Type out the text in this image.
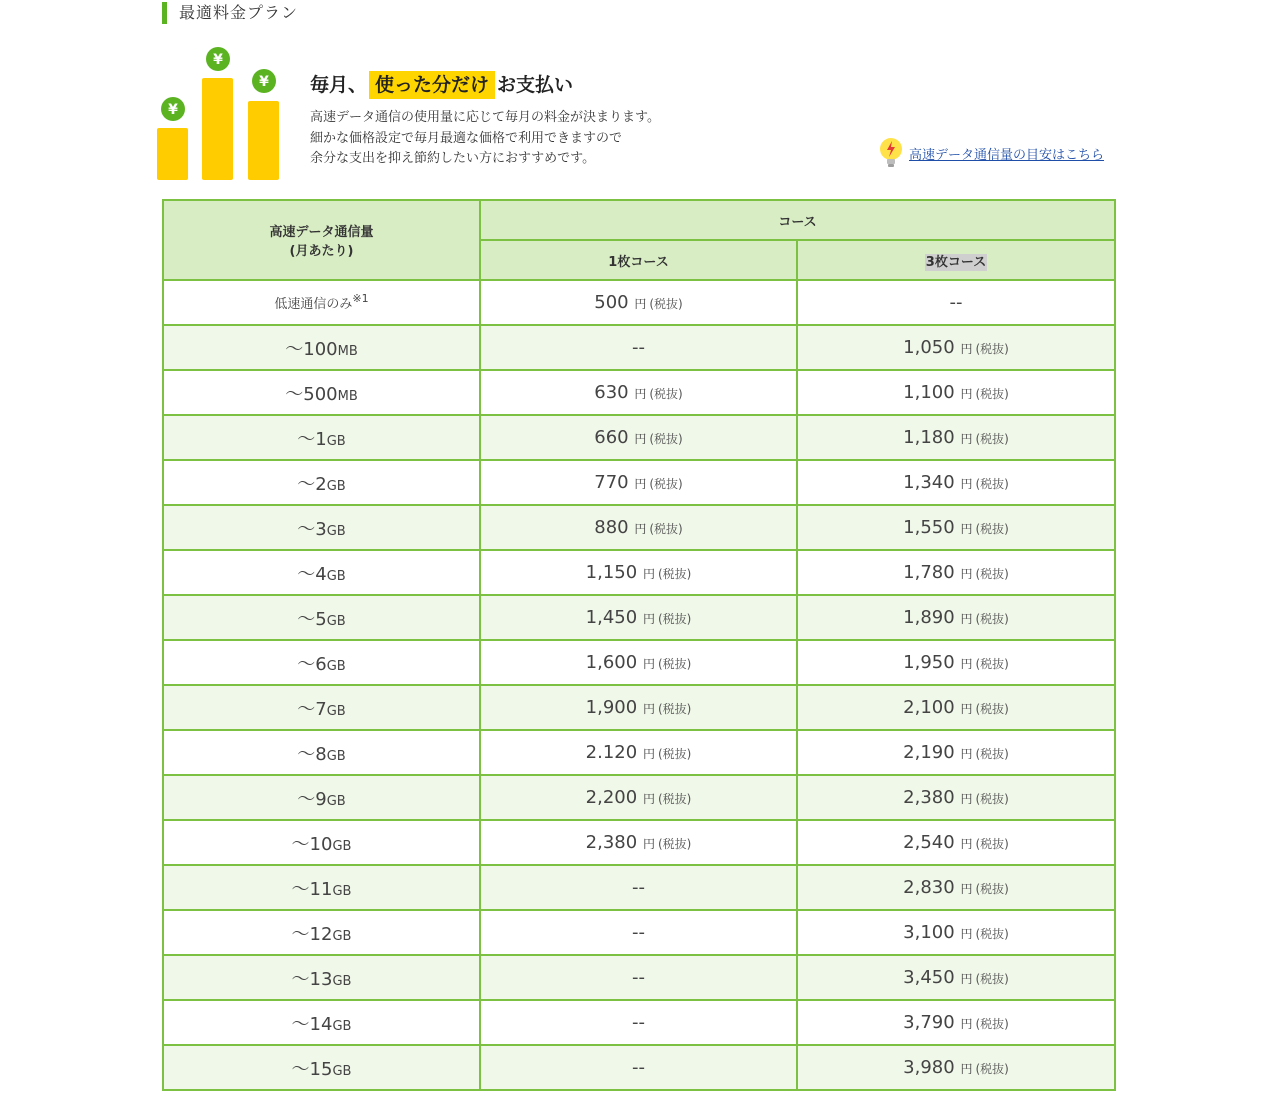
最適料金プラン
¥
¥
¥ 毎月、 使った分だけ お支払い
高速データ通信の使用量に応じて毎月の料金が決まります。
細かな価格設定で毎月最適な価格で利用できますので
余分な支出を抑え節約したい方におすすめです。	高速データ通信量の目安はこちら
高速データ通信量
(月あたり)	コース	
	1枚コース	3枚コース
低速通信のみ$^{※1}$	500 円 (税抜)	--
～100MB	--	1,050 円 (税抜)
～500MB	630 円 (税抜)	1,100 円 (税抜)
～1GB	660 円 (税抜)	1,180 円 (税抜)
～2GB	770 円 (税抜)	1,340 円 (税抜)
～3GB	880 円 (税抜)	1,550 円 (税抜)
～4GB	1,150 円 (税抜)	1,780 円 (税抜)
～5GB	1,450 円 (税抜)	1,890 円 (税抜)
～6GB	1,600 円 (税抜)	1,950 円 (税抜)
～7GB	1,900 円 (税抜)	2,100 円 (税抜)
～8GB	2.120 円 (税抜)	2,190 円 (税抜)
～9GB	2,200 円 (税抜)	2,380 円 (税抜)
～10GB	2,380 円 (税抜)	2,540 円 (税抜)
～11GB	--	2,830 円 (税抜)
～12GB	--	3,100 円 (税抜)
～13GB	--	3,450 円 (税抜)
～14GB	--	3,790 円 (税抜)
～15GB	--	3,980 円 (税抜)
